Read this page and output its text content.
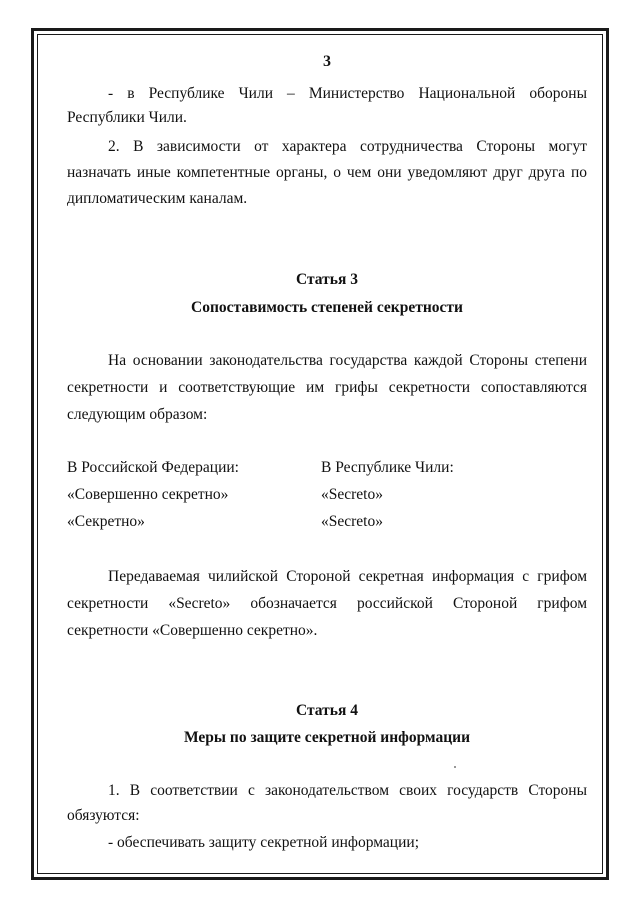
3
- в Республике Чили – Министерство Национальной обороны
Республики Чили.
2. В зависимости от характера сотрудничества Стороны могут
назначать иные компетентные органы, о чем они уведомляют друг друга по
дипломатическим каналам.
Статья 3
Сопоставимость степеней секретности
На основании законодательства государства каждой Стороны степени
секретности и соответствующие им грифы секретности сопоставляются
следующим образом:
В Российской Федерации:	В Республике Чили:
«Совершенно секретно»	«Secreto»
«Секретно»	«Secreto»
Передаваемая чилийской Стороной секретная информация с грифом
секретности «Secreto» обозначается российской Стороной грифом
секретности «Совершенно секретно».
Статья 4
Меры по защите секретной информации
1. В соответствии с законодательством своих государств Стороны
обязуются:
- обеспечивать защиту секретной информации;
